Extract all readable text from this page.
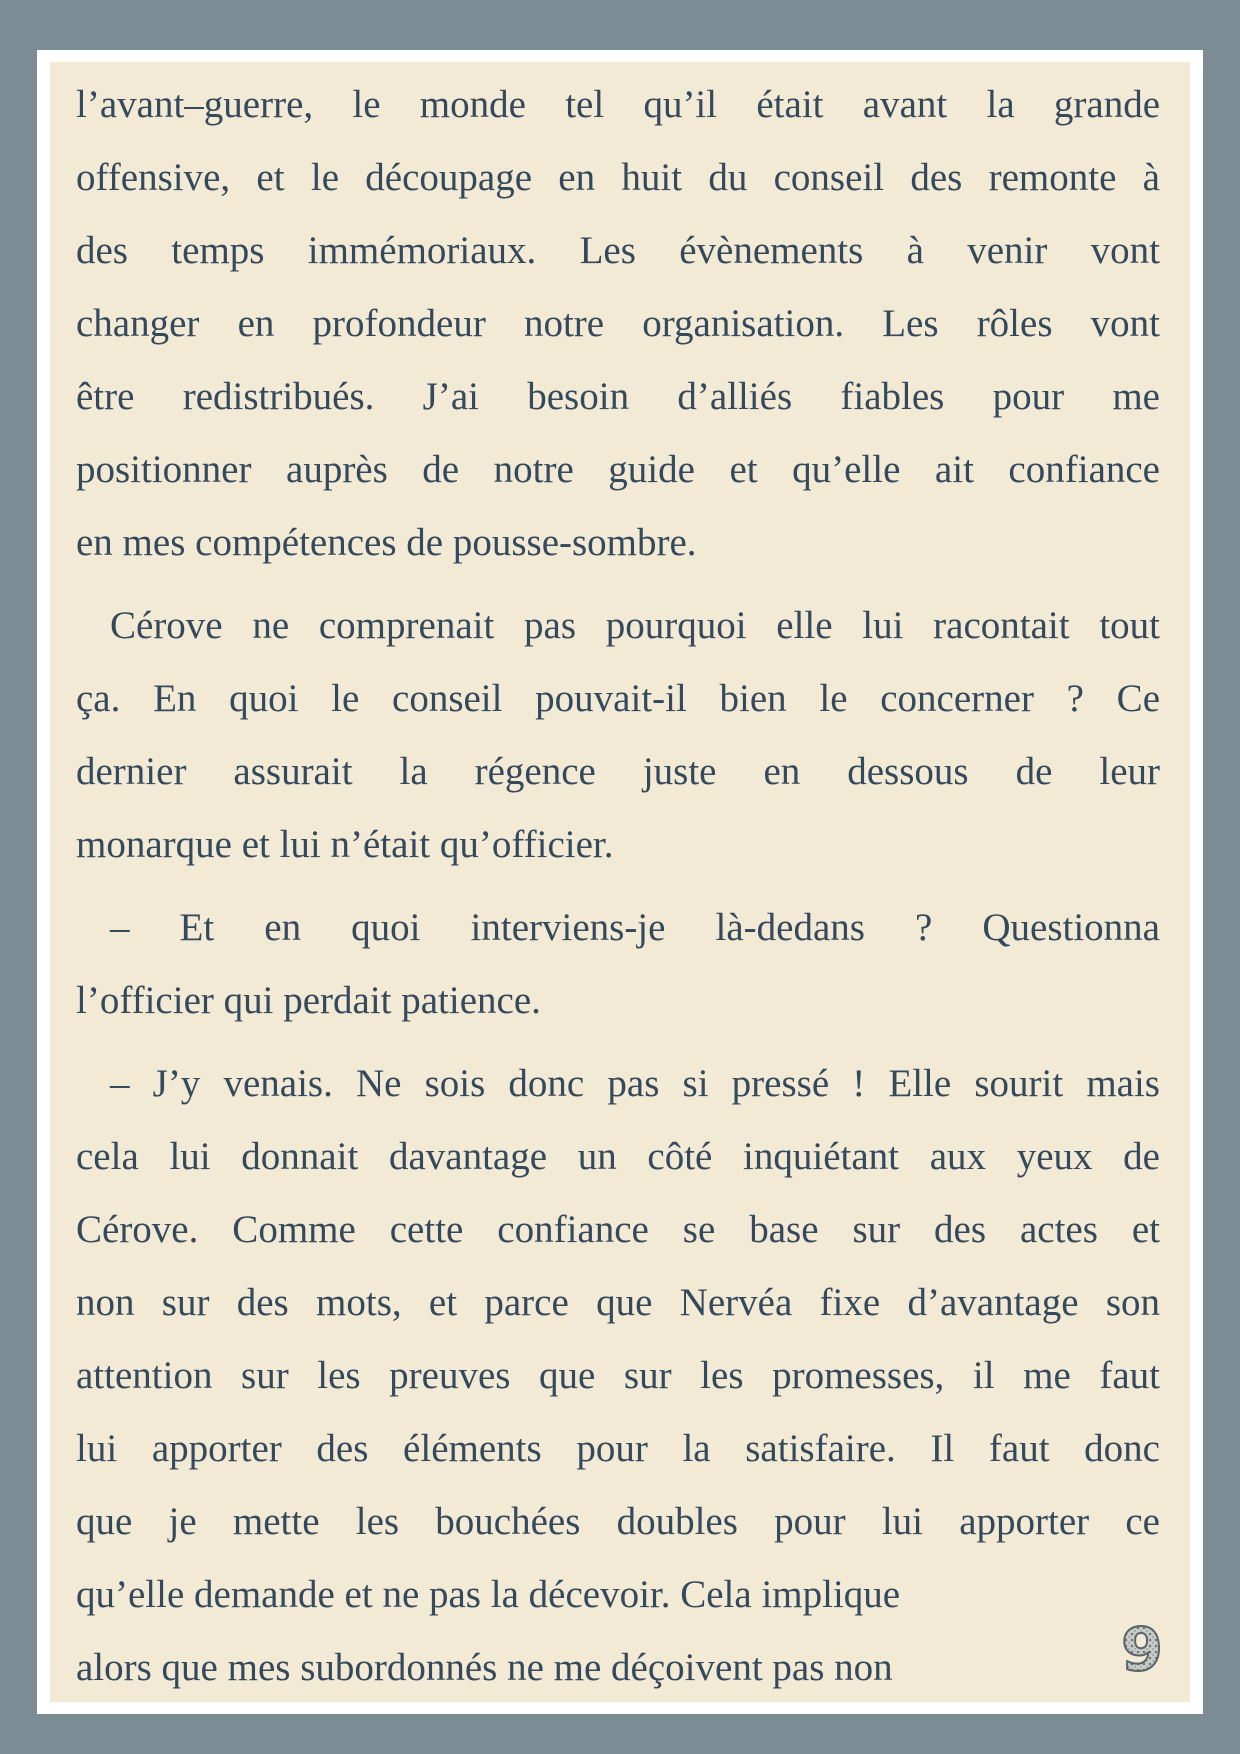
l’avant–guerre, le monde tel qu’il était avant la grande
offensive, et le découpage en huit du conseil des remonte à
des temps immémoriaux. Les évènements à venir vont
changer en profondeur notre organisation. Les rôles vont
être redistribués. J’ai besoin d’alliés fiables pour me
positionner auprès de notre guide et qu’elle ait confiance
en mes compétences de pousse-sombre.
Cérove ne comprenait pas pourquoi elle lui racontait tout
ça. En quoi le conseil pouvait-il bien le concerner ? Ce
dernier assurait la régence juste en dessous de leur
monarque et lui n’était qu’officier.
– Et en quoi interviens-je là-dedans ? Questionna
l’officier qui perdait patience.
– J’y venais. Ne sois donc pas si pressé ! Elle sourit mais
cela lui donnait davantage un côté inquiétant aux yeux de
Cérove. Comme cette confiance se base sur des actes et
non sur des mots, et parce que Nervéa fixe d’avantage son
attention sur les preuves que sur les promesses, il me faut
lui apporter des éléments pour la satisfaire. Il faut donc
que je mette les bouchées doubles pour lui apporter ce
qu’elle demande et ne pas la décevoir. Cela implique
alors que mes subordonnés ne me déçoivent pas non	9
